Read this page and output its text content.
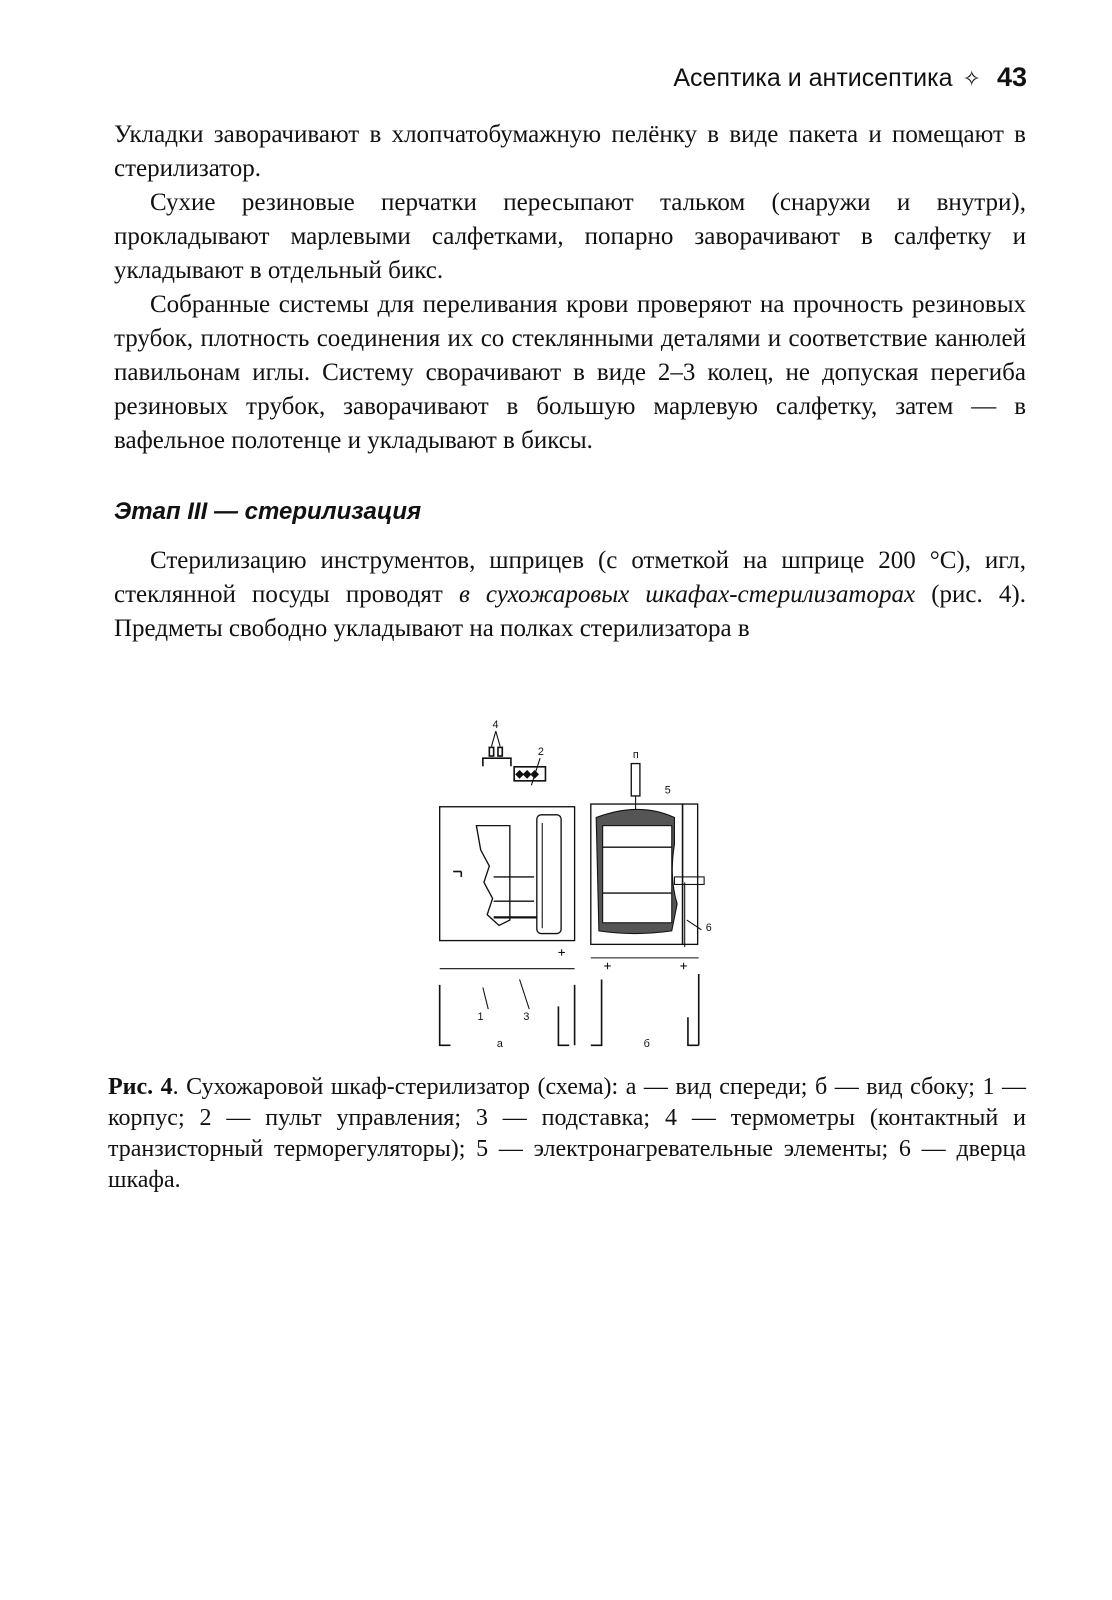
Асептика и антисептика ✧ 43

Укладки заворачивают в хлопчатобумажную пелёнку в виде пакета и помещают в стерилизатор.

Сухие резиновые перчатки пересыпают тальком (снаружи и внутри), прокладывают марлевыми салфетками, попарно заворачивают в салфетку и укладывают в отдельный бикс.

Собранные системы для переливания крови проверяют на прочность резиновых трубок, плотность соединения их со стеклянными деталями и соответствие канюлей павильонам иглы. Систему сворачивают в виде 2–3 колец, не допуская перегиба резиновых трубок, заворачивают в большую марлевую салфетку, затем — в вафельное полотенце и укладывают в биксы.

Этап III — стерилизация

Стерилизацию инструментов, шприцев (с отметкой на шприце 200 °С), игл, стеклянной посуды проводят в сухожаровых шкафах-стерилизаторах (рис. 4). Предметы свободно укладывают на полках стерилизатора в

4
2	п
5
6
1 3
а	б

Рис. 4. Сухожаровой шкаф-стерилизатор (схема): а — вид спереди; б — вид сбоку; 1 — корпус; 2 — пульт управления; 3 — подставка; 4 — термометры (контактный и транзисторный терморегуляторы); 5 — электронагревательные элементы; 6 — дверца шкафа.
